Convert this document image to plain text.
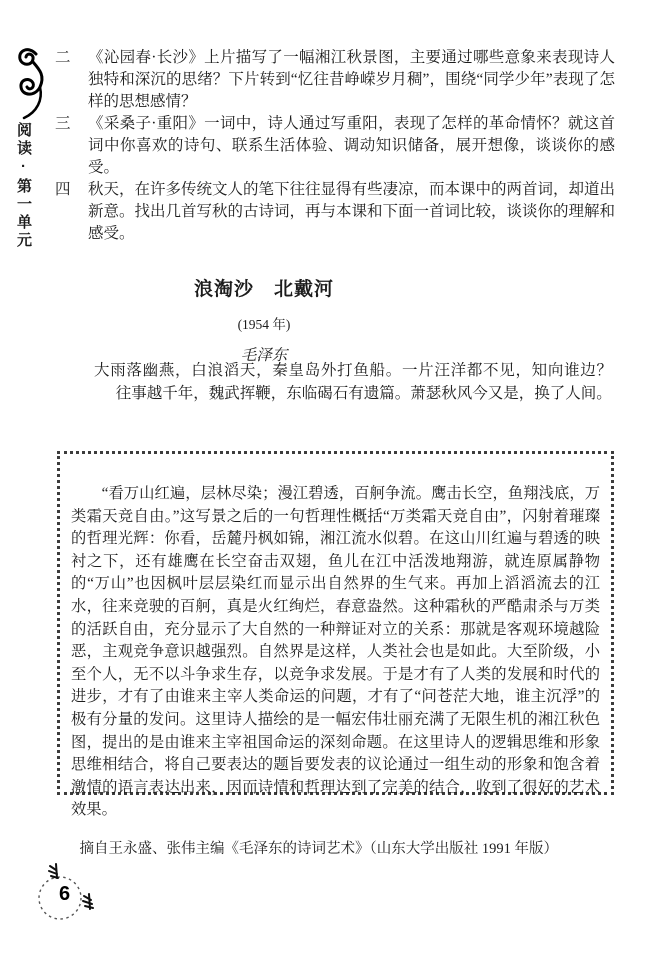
阅读·第一单元
二	《沁园春·长沙》上片描写了一幅湘江秋景图，主要通过哪些意象来表现诗人独特和深沉的思绪？下片转到“忆往昔峥嵘岁月稠”，围绕“同学少年”表现了怎样的思想感情？
三	《采桑子·重阳》一词中，诗人通过写重阳，表现了怎样的革命情怀？就这首词中你喜欢的诗句、联系生活体验、调动知识储备，展开想像，谈谈你的感受。
四	秋天，在许多传统文人的笔下往往显得有些凄凉，而本课中的两首词，却道出新意。找出几首写秋的古诗词，再与本课和下面一首词比较，谈谈你的理解和感受。
浪淘沙　北戴河
(1954 年)
毛泽东

大雨落幽燕，白浪滔天，秦皇岛外打鱼船。一片汪洋都不见，知向谁边？往事越千年，魏武挥鞭，东临碣石有遗篇。萧瑟秋风今又是，换了人间。

“看万山红遍，层林尽染；漫江碧透，百舸争流。鹰击长空，鱼翔浅底，万类霜天竞自由。”这写景之后的一句哲理性概括“万类霜天竞自由”，闪射着璀璨的哲理光辉：你看，岳麓丹枫如锦，湘江流水似碧。在这山川红遍与碧透的映衬之下，还有雄鹰在长空奋击双翅，鱼儿在江中活泼地翔游，就连原属静物的“万山”也因枫叶层层染红而显示出自然界的生气来。再加上滔滔流去的江水，往来竞驶的百舸，真是火红绚烂，春意盎然。这种霜秋的严酷肃杀与万类的活跃自由，充分显示了大自然的一种辩证对立的关系：那就是客观环境越险恶，主观竞争意识越强烈。自然界是这样，人类社会也是如此。大至阶级，小至个人，无不以斗争求生存，以竞争求发展。于是才有了人类的发展和时代的进步，才有了由谁来主宰人类命运的问题，才有了“问苍茫大地，谁主沉浮”的极有分量的发问。这里诗人描绘的是一幅宏伟壮丽充满了无限生机的湘江秋色图，提出的是由谁来主宰祖国命运的深刻命题。在这里诗人的逻辑思维和形象思维相结合，将自己要表达的题旨要发表的议论通过一组生动的形象和饱含着激情的语言表达出来，因而诗情和哲理达到了完美的结合，收到了很好的艺术效果。

摘自王永盛、张伟主编《毛泽东的诗词艺术》（山东大学出版社 1991 年版）

6
